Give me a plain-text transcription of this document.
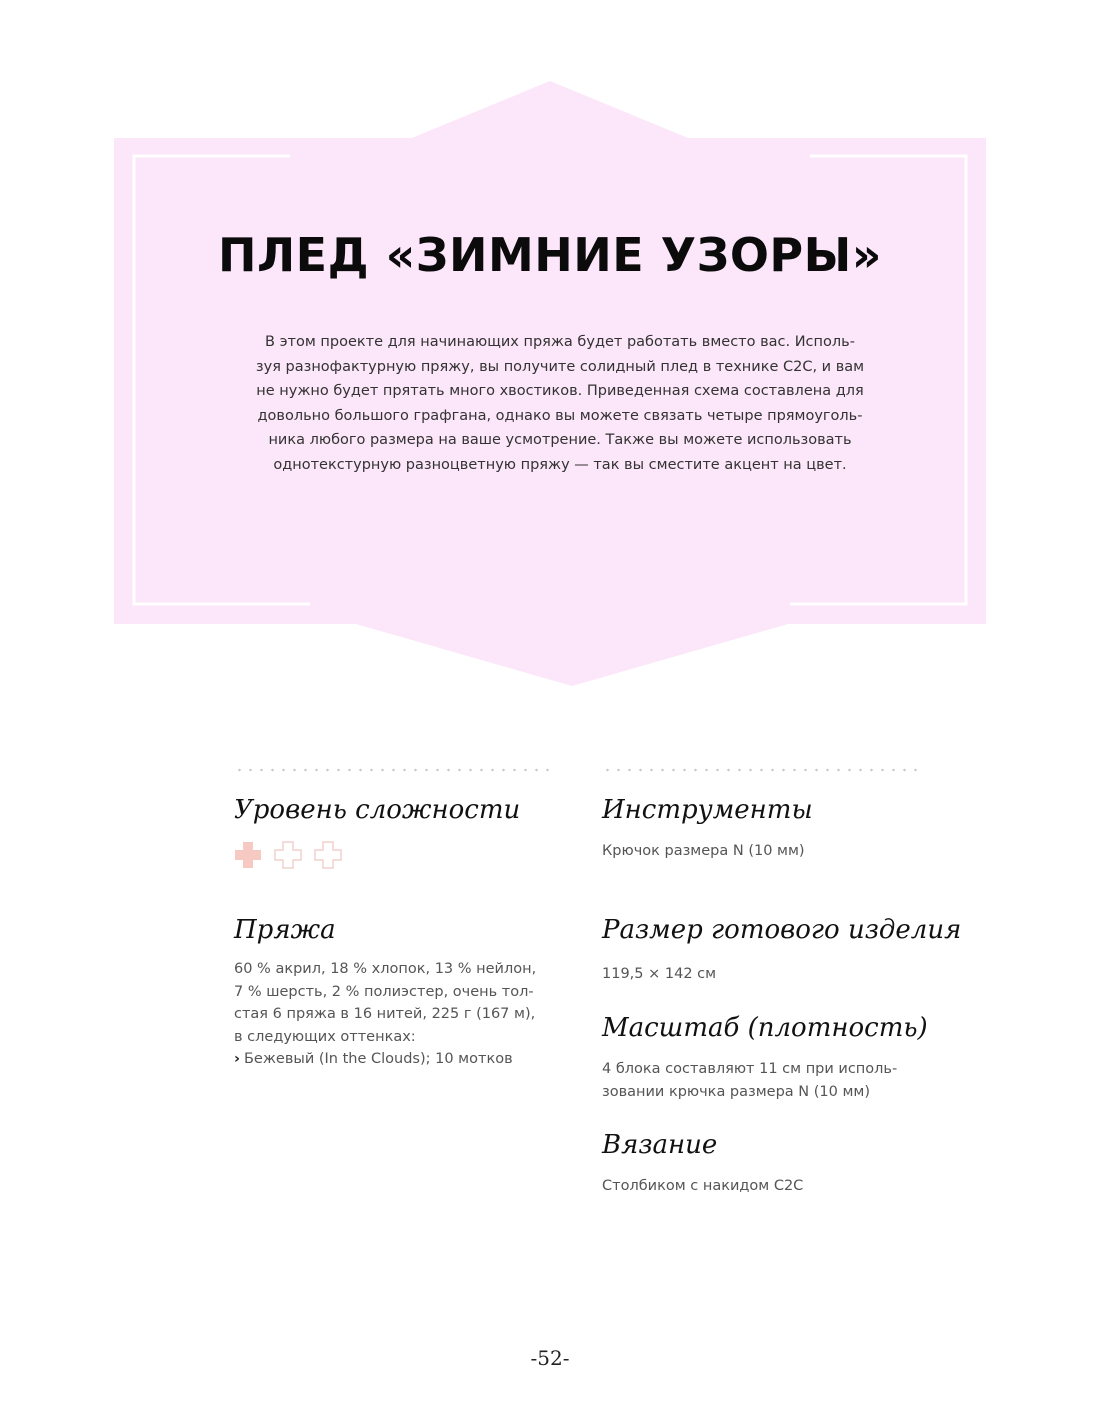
ПЛЕД «ЗИМНИЕ УЗОРЫ»
В этом проекте для начинающих пряжа будет работать вместо вас. Исполь-
зуя разнофактурную пряжу, вы получите солидный плед в технике C2C, и вам
не нужно будет прятать много хвостиков. Приведенная схема составлена для
довольно большого графгана, однако вы можете связать четыре прямоуголь-
ника любого размера на ваше усмотрение. Также вы можете использовать
однотекстурную разноцветную пряжу — так вы сместите акцент на цвет.
Уровень сложности
Пряжа
60 % акрил, 18 % хлопок, 13 % нейлон,
7 % шерсть, 2 % полиэстер, очень тол-
стая 6 пряжа в 16 нитей, 225 г (167 м),
в следующих оттенках:
› Бежевый (In the Clouds); 10 мотков
Инструменты

Крючок размера N (10 мм)

Размер готового изделия

119,5 × 142 см

Масштаб (плотность)
4 блока составляют 11 см при исполь-
зовании крючка размера N (10 мм)
Вязание

Столбиком с накидом C2C

-52-
